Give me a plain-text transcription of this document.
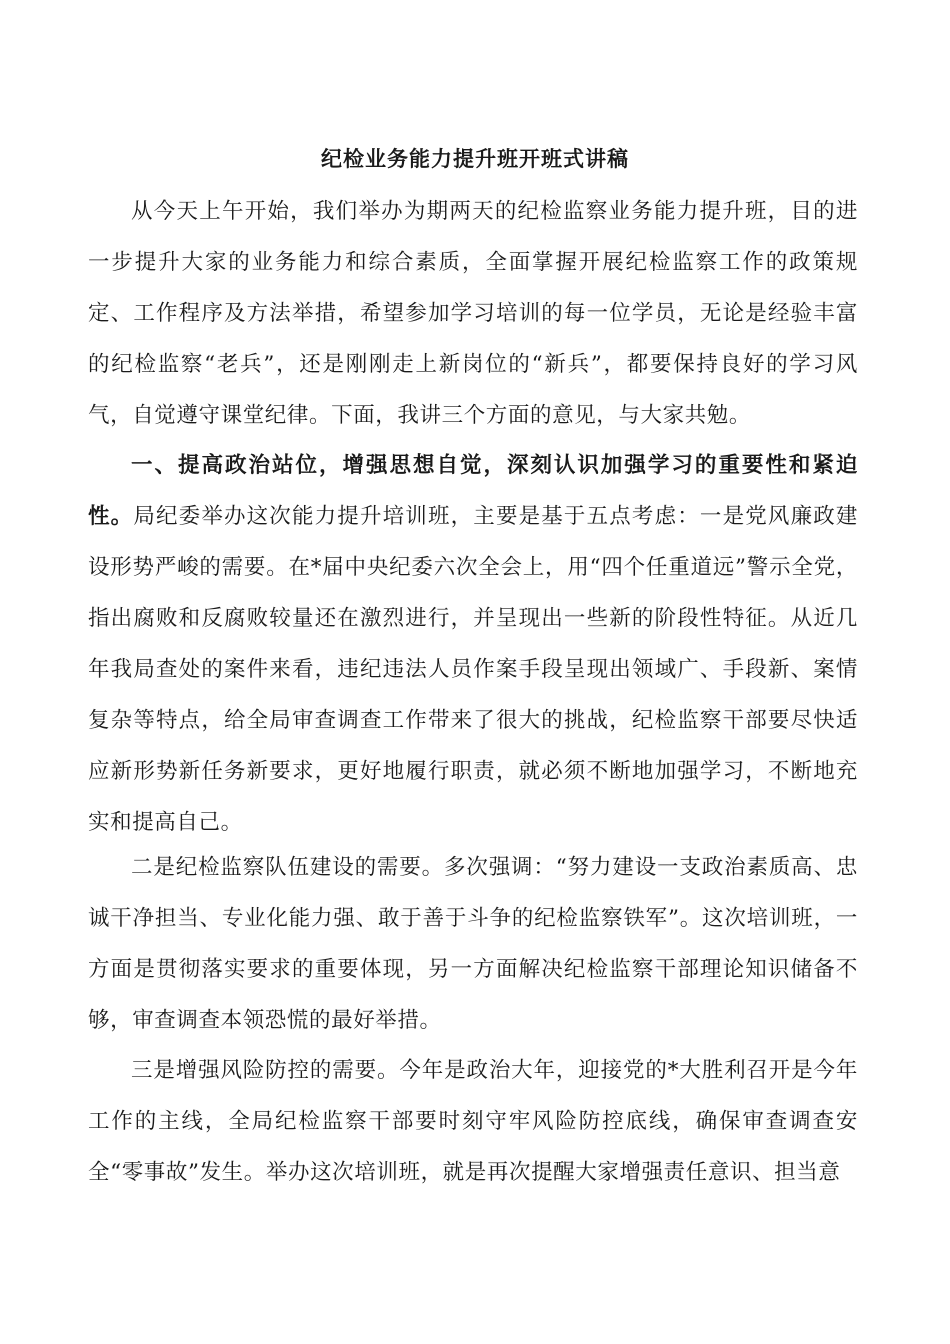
纪检业务能力提升班开班式讲稿

从今天上午开始，我们举办为期两天的纪检监察业务能力提升班，目的进一步提升大家的业务能力和综合素质，全面掌握开展纪检监察工作的政策规定、工作程序及方法举措，希望参加学习培训的每一位学员，无论是经验丰富的纪检监察“老兵”，还是刚刚走上新岗位的“新兵”，都要保持良好的学习风气，自觉遵守课堂纪律。下面，我讲三个方面的意见，与大家共勉。

一、提高政治站位，增强思想自觉，深刻认识加强学习的重要性和紧迫性。局纪委举办这次能力提升培训班，主要是基于五点考虑：一是党风廉政建设形势严峻的需要。在*届中央纪委六次全会上，用“四个任重道远”警示全党，指出腐败和反腐败较量还在激烈进行，并呈现出一些新的阶段性特征。从近几年我局查处的案件来看，违纪违法人员作案手段呈现出领域广、手段新、案情复杂等特点，给全局审查调查工作带来了很大的挑战，纪检监察干部要尽快适应新形势新任务新要求，更好地履行职责，就必须不断地加强学习，不断地充实和提高自己。

二是纪检监察队伍建设的需要。多次强调：“努力建设一支政治素质高、忠诚干净担当、专业化能力强、敢于善于斗争的纪检监察铁军”。这次培训班，一方面是贯彻落实要求的重要体现，另一方面解决纪检监察干部理论知识储备不够，审查调查本领恐慌的最好举措。

三是增强风险防控的需要。今年是政治大年，迎接党的*大胜利召开是今年工作的主线，全局纪检监察干部要时刻守牢风险防控底线，确保审查调查安全“零事故”发生。举办这次培训班，就是再次提醒大家增强责任意识、担当意
